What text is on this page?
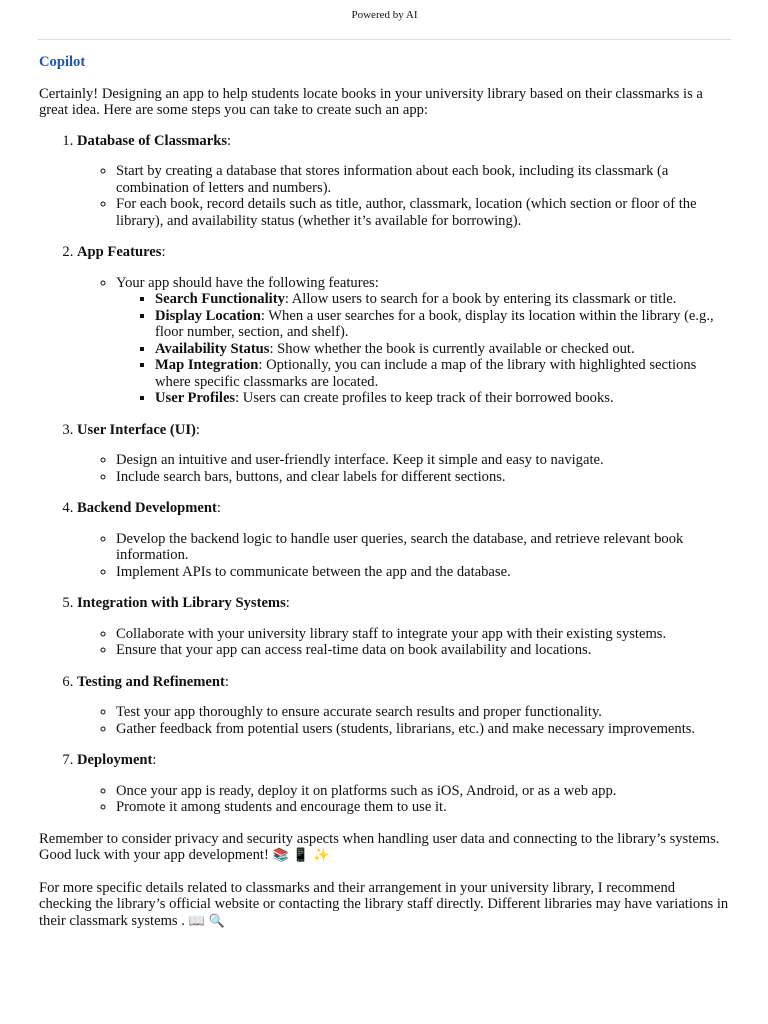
Powered by AI
Copilot

Certainly! Designing an app to help students locate books in your university library based on their classmarks is a great idea. Here are some steps you can take to create such an app:

1. Database of Classmarks:
◦ Start by creating a database that stores information about each book, including its classmark (a combination of letters and numbers).
◦ For each book, record details such as title, author, classmark, location (which section or floor of the library), and availability status (whether it’s available for borrowing).
2. App Features:
◦ Your app should have the following features:
▪ Search Functionality: Allow users to search for a book by entering its classmark or title.
▪ Display Location: When a user searches for a book, display its location within the library (e.g., floor number, section, and shelf).
▪ Availability Status: Show whether the book is currently available or checked out.
▪ Map Integration: Optionally, you can include a map of the library with highlighted sections where specific classmarks are located.
▪ User Profiles: Users can create profiles to keep track of their borrowed books.
3. User Interface (UI):
◦ Design an intuitive and user-friendly interface. Keep it simple and easy to navigate.
◦ Include search bars, buttons, and clear labels for different sections.
4. Backend Development:
◦ Develop the backend logic to handle user queries, search the database, and retrieve relevant book information.
◦ Implement APIs to communicate between the app and the database.
5. Integration with Library Systems:
◦ Collaborate with your university library staff to integrate your app with their existing systems.
◦ Ensure that your app can access real-time data on book availability and locations.
6. Testing and Refinement:
◦ Test your app thoroughly to ensure accurate search results and proper functionality.
◦ Gather feedback from potential users (students, librarians, etc.) and make necessary improvements.
7. Deployment:
◦ Once your app is ready, deploy it on platforms such as iOS, Android, or as a web app.
◦ Promote it among students and encourage them to use it.

Remember to consider privacy and security aspects when handling user data and connecting to the library’s systems. Good luck with your app development! 📚 📱 ✨

For more specific details related to classmarks and their arrangement in your university library, I recommend checking the library’s official website or contacting the library staff directly. Different libraries may have variations in their classmark systems . 📖 🔍
